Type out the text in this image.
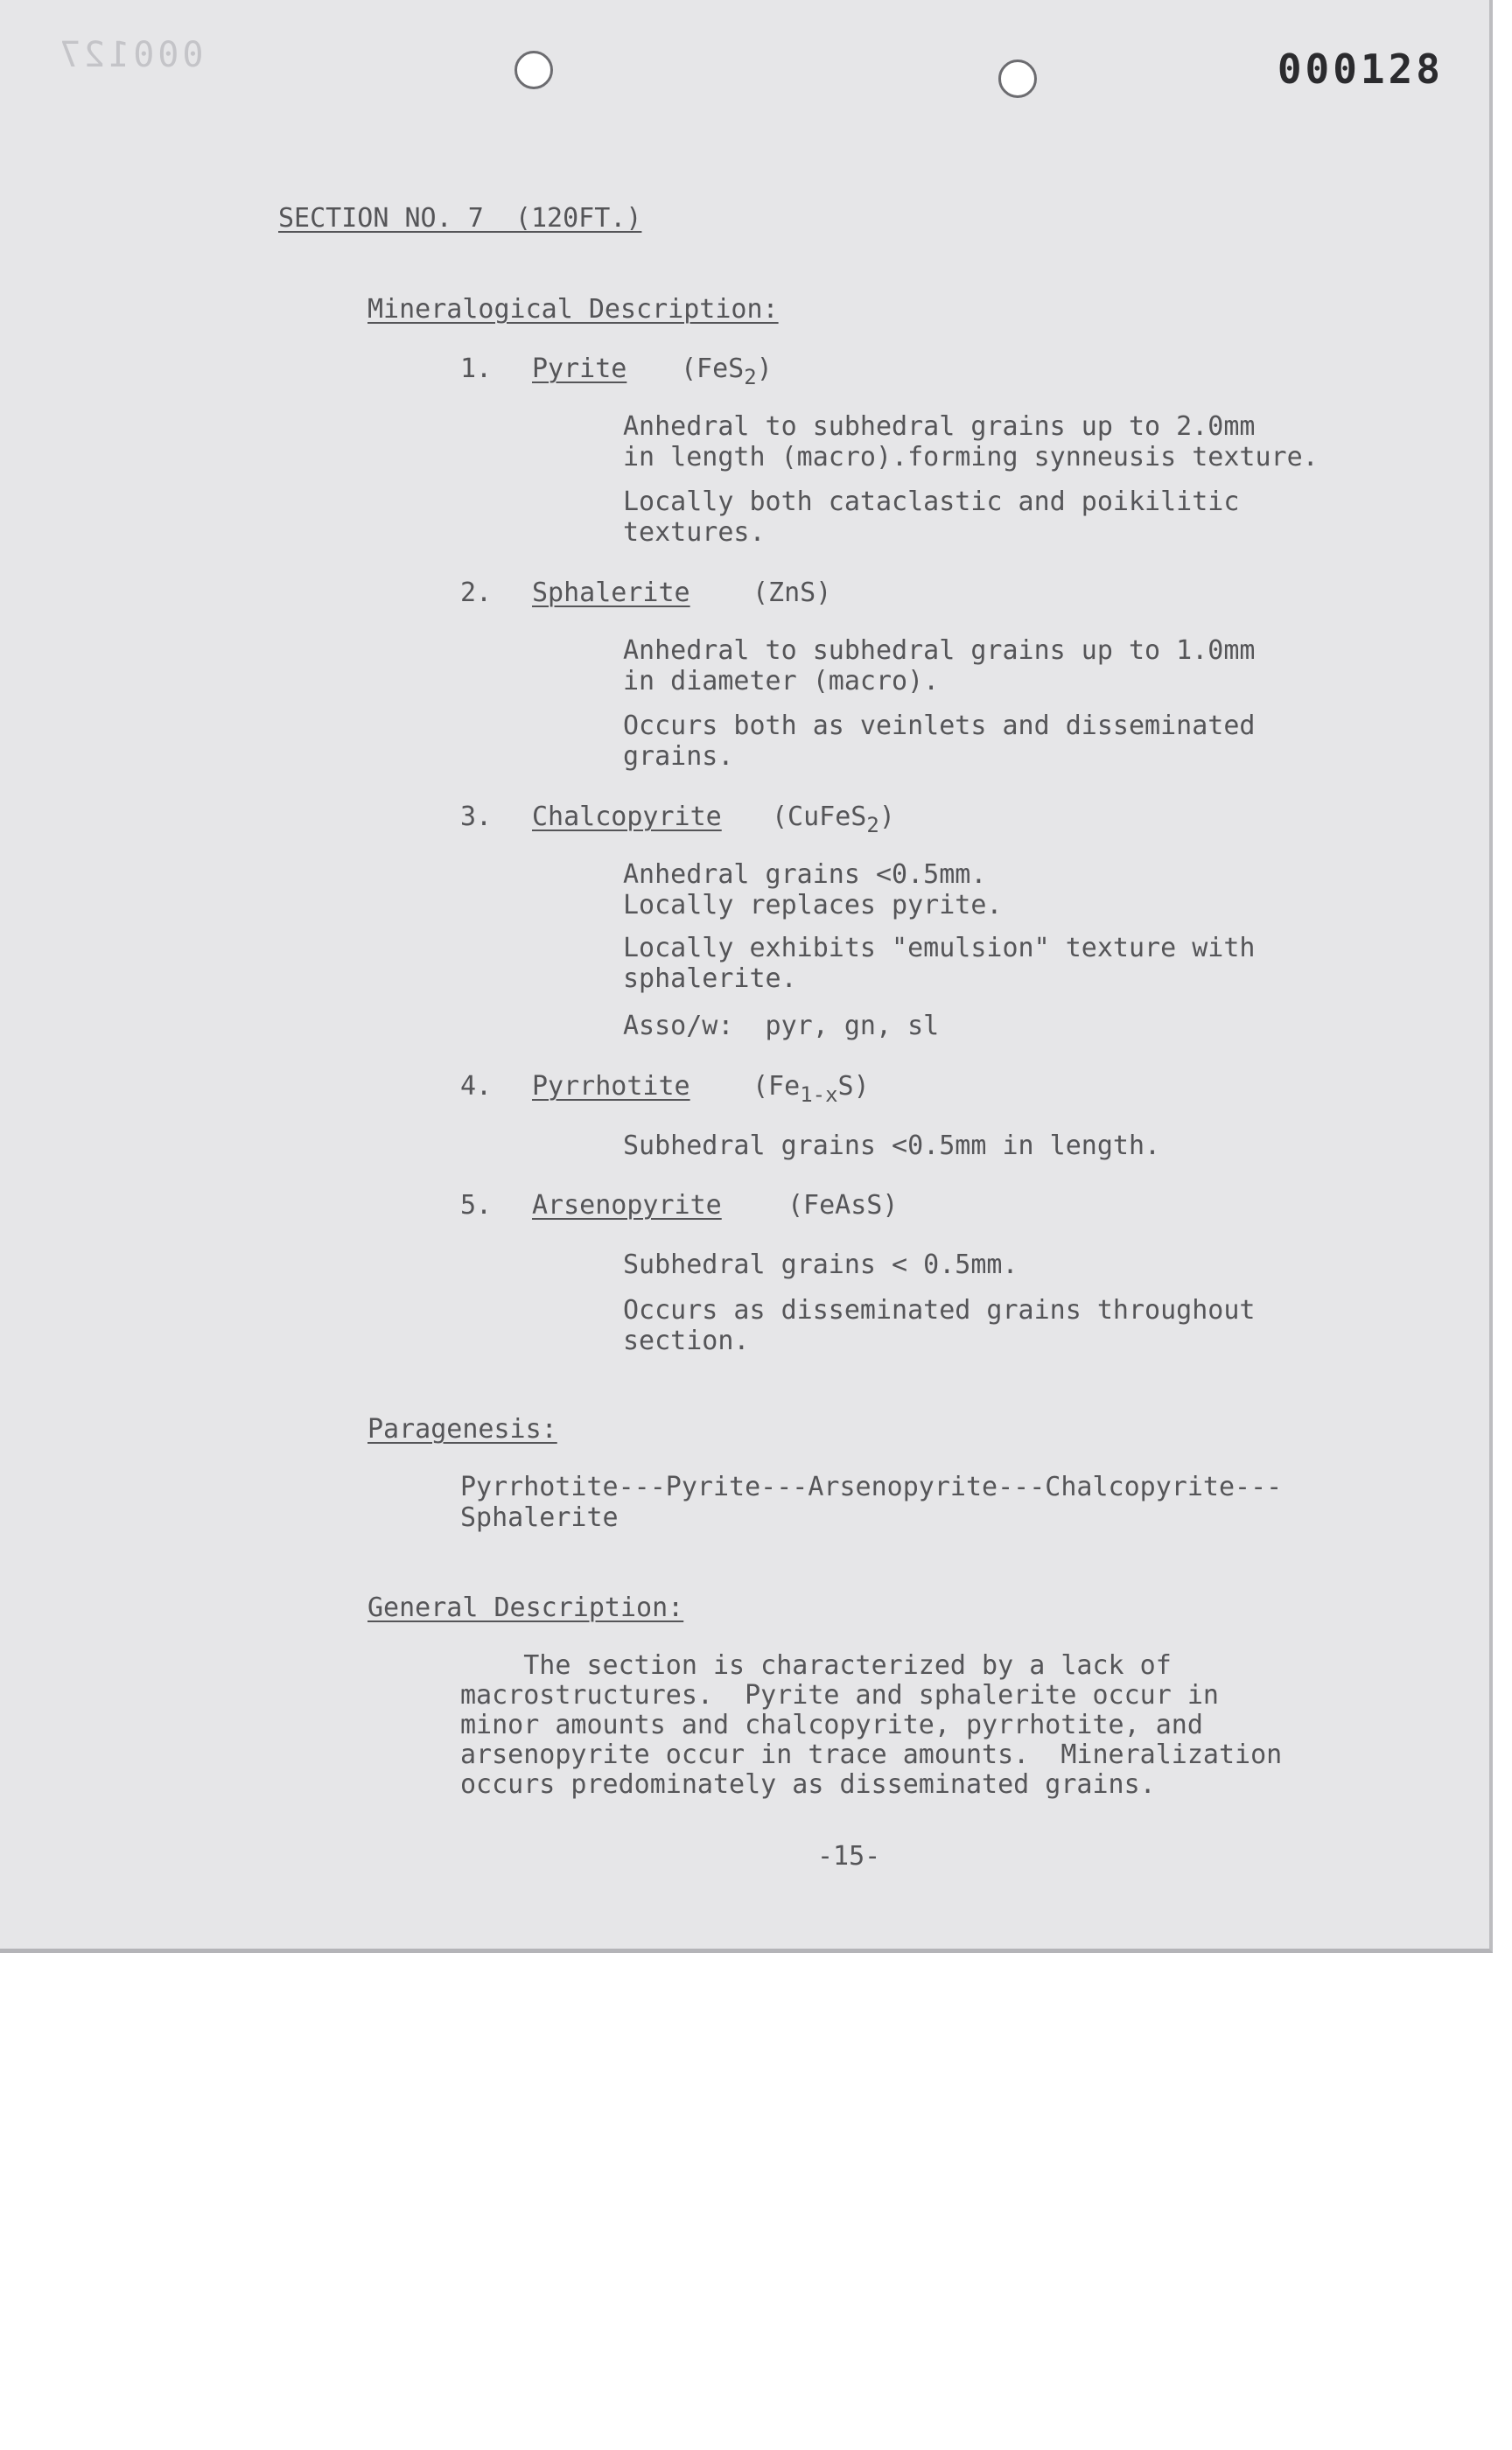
000127	000128

SECTION NO. 7  (120FT.)

Mineralogical Description:

1. Pyrite (FeS$_2$)

Anhedral to subhedral grains up to 2.0mm

in length (macro).forming synneusis texture.

Locally both cataclastic and poikilitic

textures.

2. Sphalerite (ZnS)

Anhedral to subhedral grains up to 1.0mm

in diameter (macro).

Occurs both as veinlets and disseminated

grains.

3. Chalcopyrite (CuFeS$_2$)

Anhedral grains <0.5mm.

Locally replaces pyrite.

Locally exhibits "emulsion" texture with

sphalerite.

Asso/w:  pyr, gn, sl

4. Pyrrhotite $(Fe_{1-x}S)$

Subhedral grains <0.5mm in length.

5. Arsenopyrite	(FeAsS)

Subhedral grains < 0.5mm.

Occurs as disseminated grains throughout

section.

Paragenesis:

Pyrrhotite---Pyrite---Arsenopyrite---Chalcopyrite---

Sphalerite

General Description:

The section is characterized by a lack of

macrostructures.  Pyrite and sphalerite occur in

minor amounts and chalcopyrite, pyrrhotite, and

arsenopyrite occur in trace amounts.  Mineralization

occurs predominately as disseminated grains.

-15-
